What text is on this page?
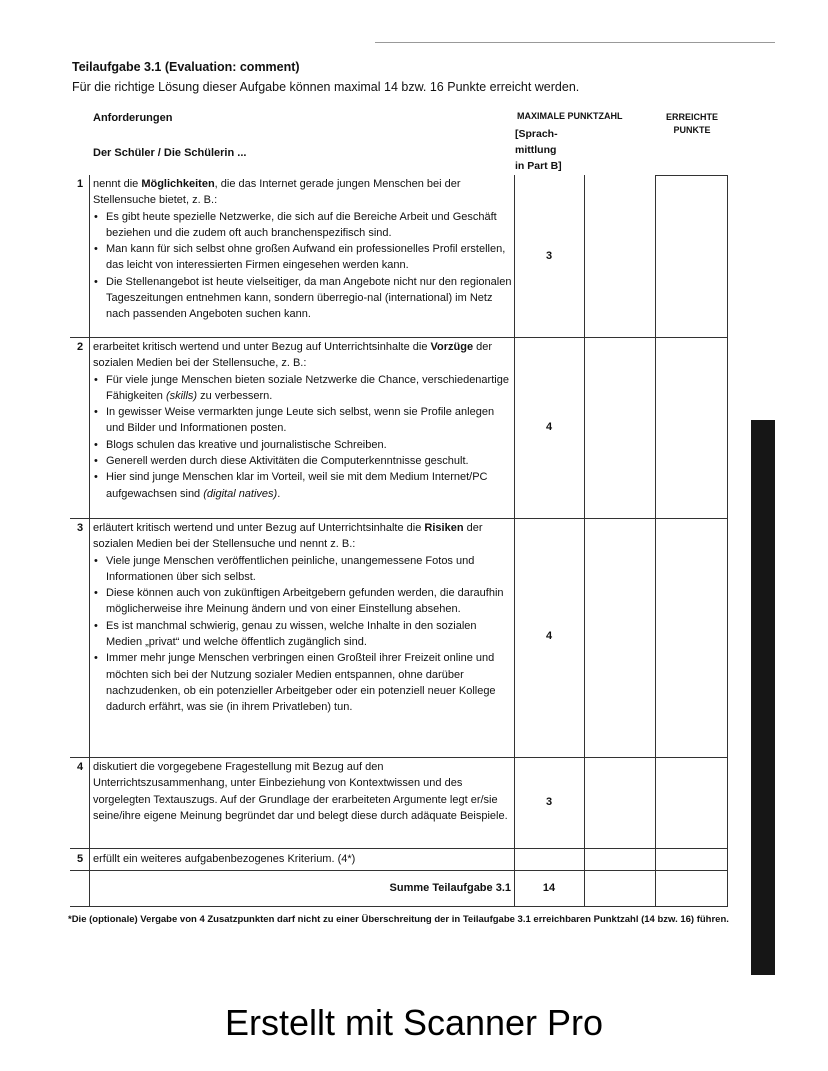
Teilaufgabe 3.1 (Evaluation: comment)
Für die richtige Lösung dieser Aufgabe können maximal 14 bzw. 16 Punkte erreicht werden.
Anforderungen
Der Schüler / Die Schülerin ...
MAXIMALE PUNKTZAHL
[Sprach-
mittlung
in Part B]
ERREICHTE
PUNKTE
1 nennt die Möglichkeiten, die das Internet gerade jungen Menschen bei der Stellensuche bietet, z. B.:

• Es gibt heute spezielle Netzwerke, die sich auf die Bereiche Arbeit und Geschäft beziehen und die zudem oft auch branchenspezifisch sind.
• Man kann für sich selbst ohne großen Aufwand ein professionelles Profil erstellen, das leicht von interessierten Firmen eingesehen werden kann.
• Die Stellenangebot ist heute vielseitiger, da man Angebote nicht nur den regionalen Tageszeitungen entnehmen kann, sondern überregio-nal (international) im Netz nach passenden Angeboten suchen kann.
3
2 erarbeitet kritisch wertend und unter Bezug auf Unterrichtsinhalte die Vorzüge der sozialen Medien bei der Stellensuche, z. B.:

• Für viele junge Menschen bieten soziale Netzwerke die Chance, verschiedenartige Fähigkeiten (skills) zu verbessern.
• In gewisser Weise vermarkten junge Leute sich selbst, wenn sie Profile anlegen und Bilder und Informationen posten.
• Blogs schulen das kreative und journalistische Schreiben.
• Generell werden durch diese Aktivitäten die Computerkenntnisse geschult.
• Hier sind junge Menschen klar im Vorteil, weil sie mit dem Medium Internet/PC aufgewachsen sind (digital natives).
4
3 erläutert kritisch wertend und unter Bezug auf Unterrichtsinhalte die Risiken der sozialen Medien bei der Stellensuche und nennt z. B.:

• Viele junge Menschen veröffentlichen peinliche, unangemessene Fotos und Informationen über sich selbst.
• Diese können auch von zukünftigen Arbeitgebern gefunden werden, die daraufhin möglicherweise ihre Meinung ändern und von einer Einstellung absehen.
• Es ist manchmal schwierig, genau zu wissen, welche Inhalte in den sozialen Medien „privat“ und welche öffentlich zugänglich sind.
• Immer mehr junge Menschen verbringen einen Großteil ihrer Freizeit online und möchten sich bei der Nutzung sozialer Medien entspannen, ohne darüber nachzudenken, ob ein potenzieller Arbeitgeber oder ein potenziell neuer Kollege dadurch erfährt, was sie (in ihrem Privatleben) tun.
4
4 diskutiert die vorgegebene Fragestellung mit Bezug auf den Unterrichtszusammenhang, unter Einbeziehung von Kontextwissen und des vorgelegten Textauszugs. Auf der Grundlage der erarbeiteten Argumente legt er/sie seine/ihre eigene Meinung begründet dar und belegt diese durch adäquate Beispiele.

3
5 erfüllt ein weiteres aufgabenbezogenes Kriterium. (4*)

Summe Teilaufgabe 3.1	14
*Die (optionale) Vergabe von 4 Zusatzpunkten darf nicht zu einer Überschreitung der in Teilaufgabe 3.1 erreichbaren Punktzahl (14 bzw. 16) führen.
Erstellt mit Scanner Pro
